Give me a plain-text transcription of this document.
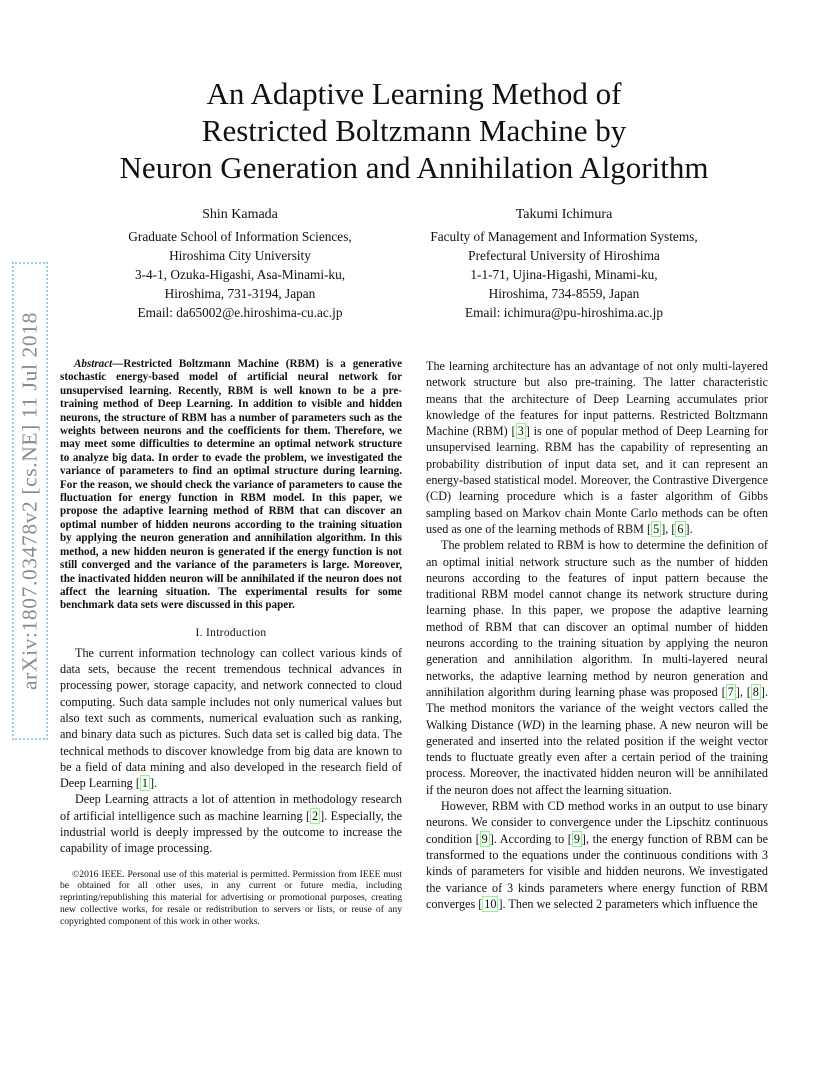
arXiv:1807.03478v2 [cs.NE] 11 Jul 2018
An Adaptive Learning Method of
Restricted Boltzmann Machine by
Neuron Generation and Annihilation Algorithm
Shin Kamada
Graduate School of Information Sciences,
Hiroshima City University
3-4-1, Ozuka-Higashi, Asa-Minami-ku,
Hiroshima, 731-3194, Japan
Email: da65002@e.hiroshima-cu.ac.jp
Takumi Ichimura
Faculty of Management and Information Systems,
Prefectural University of Hiroshima
1-1-71, Ujina-Higashi, Minami-ku,
Hiroshima, 734-8559, Japan
Email: ichimura@pu-hiroshima.ac.jp

Abstract—Restricted Boltzmann Machine (RBM) is a generative stochastic energy-based model of artificial neural network for unsupervised learning. Recently, RBM is well known to be a pre-training method of Deep Learning. In addition to visible and hidden neurons, the structure of RBM has a number of parameters such as the weights between neurons and the coefficients for them. Therefore, we may meet some difficulties to determine an optimal network structure to analyze big data. In order to evade the problem, we investigated the variance of parameters to find an optimal structure during learning. For the reason, we should check the variance of parameters to cause the fluctuation for energy function in RBM model. In this paper, we propose the adaptive learning method of RBM that can discover an optimal number of hidden neurons according to the training situation by applying the neuron generation and annihilation algorithm. In this method, a new hidden neuron is generated if the energy function is not still converged and the variance of the parameters is large. Moreover, the inactivated hidden neuron will be annihilated if the neuron does not affect the learning situation. The experimental results for some benchmark data sets were discussed in this paper.

I. Introduction

The current information technology can collect various kinds of data sets, because the recent tremendous technical advances in processing power, storage capacity, and network connected to cloud computing. Such data sample includes not only numerical values but also text such as comments, numerical evaluation such as ranking, and binary data such as pictures. Such data set is called big data. The technical methods to discover knowledge from big data are known to be a field of data mining and also developed in the research field of Deep Learning [ 1 ].

Deep Learning attracts a lot of attention in methodology research of artificial intelligence such as machine learning [ 2 ]. Especially, the industrial world is deeply impressed by the outcome to increase the capability of image processing.

©2016 IEEE. Personal use of this material is permitted. Permission from IEEE must be obtained for all other uses, in any current or future media, including reprinting/republishing this material for advertising or promotional purposes, creating new collective works, for resale or redistribution to servers or lists, or reuse of any copyrighted component of this work in other works.

The learning architecture has an advantage of not only multi-layered network structure but also pre-training. The latter characteristic means that the architecture of Deep Learning accumulates prior knowledge of the features for input patterns. Restricted Boltzmann Machine (RBM) [ 3 ] is one of popular method of Deep Learning for unsupervised learning. RBM has the capability of representing an probability distribution of input data set, and it can represent an energy-based statistical model. Moreover, the Contrastive Divergence (CD) learning procedure which is a faster algorithm of Gibbs sampling based on Markov chain Monte Carlo methods can be often used as one of the learning methods of RBM [ 5 ], [ 6 ].

The problem related to RBM is how to determine the definition of an optimal initial network structure such as the number of hidden neurons according to the features of input pattern because the traditional RBM model cannot change its network structure during learning phase. In this paper, we propose the adaptive learning method of RBM that can discover an optimal number of hidden neurons according to the training situation by applying the neuron generation and annihilation algorithm. In multi-layered neural networks, the adaptive learning method by neuron generation and annihilation algorithm during learning phase was proposed [ 7 ], [ 8 ]. The method monitors the variance of the weight vectors called the Walking Distance (WD) in the learning phase. A new neuron will be generated and inserted into the related position if the weight vector tends to fluctuate greatly even after a certain period of the training process. Moreover, the inactivated hidden neuron will be annihilated if the neuron does not affect the learning situation.

However, RBM with CD method works in an output to use binary neurons. We consider to convergence under the Lipschitz continuous condition [ 9 ]. According to [ 9 ], the energy function of RBM can be transformed to the equations under the continuous conditions with 3 kinds of parameters for visible and hidden neurons. We investigated the variance of 3 kinds parameters where energy function of RBM converges [ 10 ]. Then we selected 2 parameters which influence the
